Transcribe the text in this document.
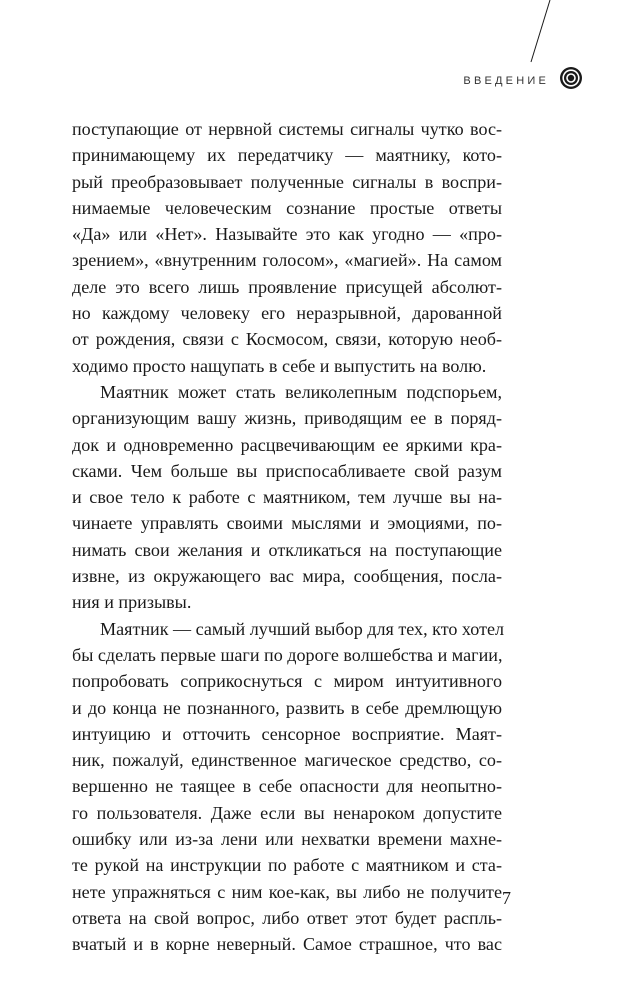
ВВЕДЕНИЕ
поступающие от нервной системы сигналы чутко вос-
принимающему их передатчику — маятнику, кото-
рый преобразовывает полученные сигналы в воспри-
нимаемые человеческим сознание простые ответы
«Да» или «Нет». Называйте это как угодно — «про-
зрением», «внутренним голосом», «магией». На самом
деле это всего лишь проявление присущей абсолют-
но каждому человеку его неразрывной, дарованной
от рождения, связи с Космосом, связи, которую необ-
ходимо просто нащупать в себе и выпустить на волю.
Маятник может стать великолепным подспорьем,
организующим вашу жизнь, приводящим ее в поряд-
док и одновременно расцвечивающим ее яркими кра-
сками. Чем больше вы приспосабливаете свой разум
и свое тело к работе с маятником, тем лучше вы на-
чинаете управлять своими мыслями и эмоциями, по-
нимать свои желания и откликаться на поступающие
извне, из окружающего вас мира, сообщения, посла-
ния и призывы.
Маятник — самый лучший выбор для тех, кто хотел
бы сделать первые шаги по дороге волшебства и магии,
попробовать соприкоснуться с миром интуитивного
и до конца не познанного, развить в себе дремлющую
интуицию и отточить сенсорное восприятие. Маят-
ник, пожалуй, единственное магическое средство, со-
вершенно не таящее в себе опасности для неопытно-
го пользователя. Даже если вы ненароком допустите
ошибку или из-за лени или нехватки времени махне-
те рукой на инструкции по работе с маятником и ста-
нете упражняться с ним кое-как, вы либо не получите
ответа на свой вопрос, либо ответ этот будет распль-
вчатый и в корне неверный. Самое страшное, что вас
7
